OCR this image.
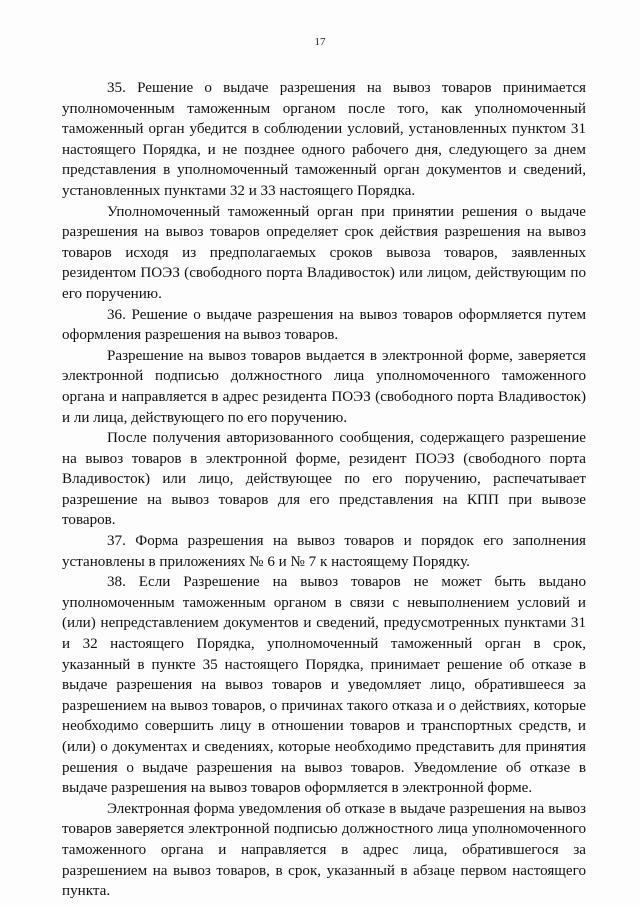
17

35. Решение о выдаче разрешения на вывоз товаров принимается уполномоченным таможенным органом после того, как уполномоченный таможенный орган убедится в соблюдении условий, установленных пунктом 31 настоящего Порядка, и не позднее одного рабочего дня, следующего за днем представления в уполномоченный таможенный орган документов и сведений, установленных пунктами 32 и 33 настоящего Порядка.

Уполномоченный таможенный орган при принятии решения о выдаче разрешения на вывоз товаров определяет срок действия разрешения на вывоз товаров исходя из предполагаемых сроков вывоза товаров, заявленных резидентом ПОЭЗ (свободного порта Владивосток) или лицом, действующим по его поручению.

36. Решение о выдаче разрешения на вывоз товаров оформляется путем оформления разрешения на вывоз товаров.

Разрешение на вывоз товаров выдается в электронной форме, заверяется электронной подписью должностного лица уполномоченного таможенного органа и направляется в адрес резидента ПОЭЗ (свободного порта Владивосток) и ли лица, действующего по его поручению.

После получения авторизованного сообщения, содержащего разрешение на вывоз товаров в электронной форме, резидент ПОЭЗ (свободного порта Владивосток) или лицо, действующее по его поручению, распечатывает разрешение на вывоз товаров для его представления на КПП при вывозе товаров.

37. Форма разрешения на вывоз товаров и порядок его заполнения установлены в приложениях № 6 и № 7 к настоящему Порядку.

38. Если Разрешение на вывоз товаров не может быть выдано уполномоченным таможенным органом в связи с невыполнением условий и (или) непредставлением документов и сведений, предусмотренных пунктами 31 и 32 настоящего Порядка, уполномоченный таможенный орган в срок, указанный в пункте 35 настоящего Порядка, принимает решение об отказе в выдаче разрешения на вывоз товаров и уведомляет лицо, обратившееся за разрешением на вывоз товаров, о причинах такого отказа и о действиях, которые необходимо совершить лицу в отношении товаров и транспортных средств, и (или) о документах и сведениях, которые необходимо представить для принятия решения о выдаче разрешения на вывоз товаров. Уведомление об отказе в выдаче разрешения на вывоз товаров оформляется в электронной форме.

Электронная форма уведомления об отказе в выдаче разрешения на вывоз товаров заверяется электронной подписью должностного лица уполномоченного таможенного органа и направляется в адрес лица, обратившегося за разрешением на вывоз товаров, в срок, указанный в абзаце первом настоящего пункта.
